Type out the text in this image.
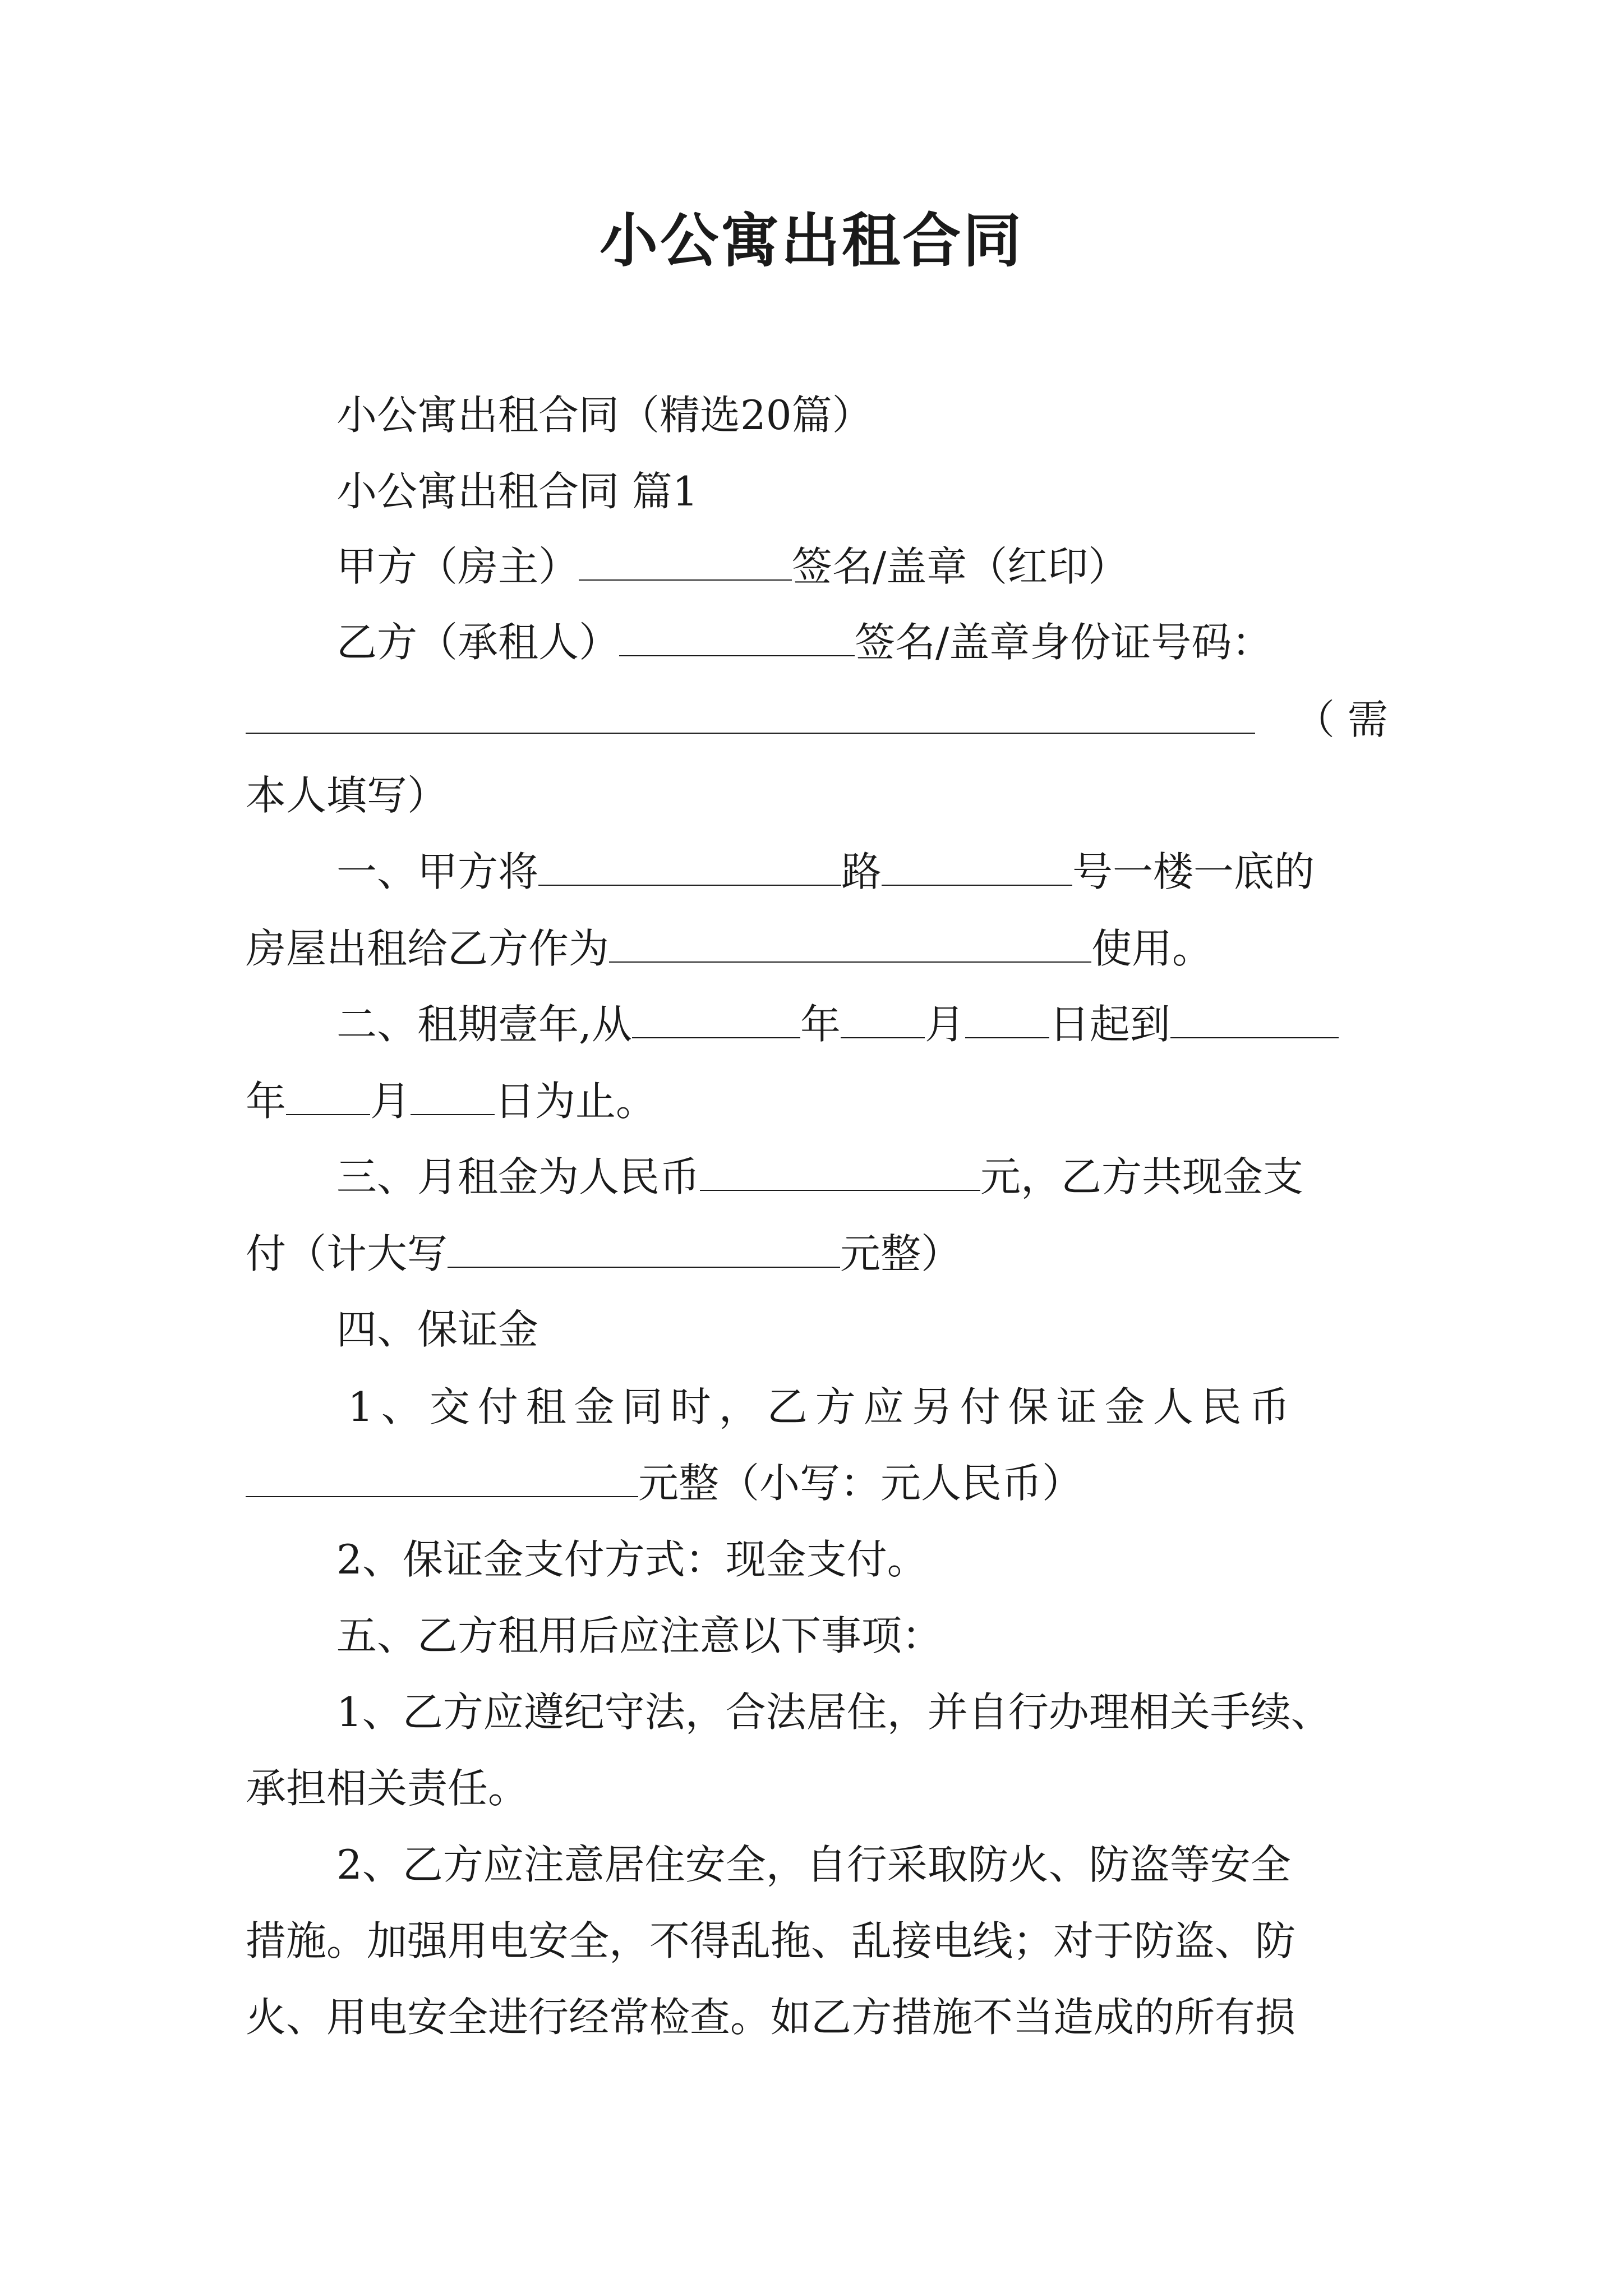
小公寓出租合同
小公寓出租合同（精选20篇）
小公寓出租合同 篇1
甲方（房主）	签名/盖章（红印）
乙方（承租人）	签名/盖章身份证号码：
（ 需
本人填写）
一、甲方将	路	号一楼一底的
房屋出租给乙方作为	使用。
二、租期壹年,从	年 月 日起到
年 月 日为止。
三、月租金为人民币	元，乙方共现金支
付（计大写	元整）
四、保证金
1、交付租金同时，乙方应另付保证金人民币
元整（小写：元人民币）
2、保证金支付方式：现金支付。
五、乙方租用后应注意以下事项：
1、乙方应遵纪守法，合法居住，并自行办理相关手续、
承担相关责任。
2、乙方应注意居住安全，自行采取防火、防盗等安全
措施。加强用电安全，不得乱拖、乱接电线；对于防盗、防
火、用电安全进行经常检查。如乙方措施不当造成的所有损
